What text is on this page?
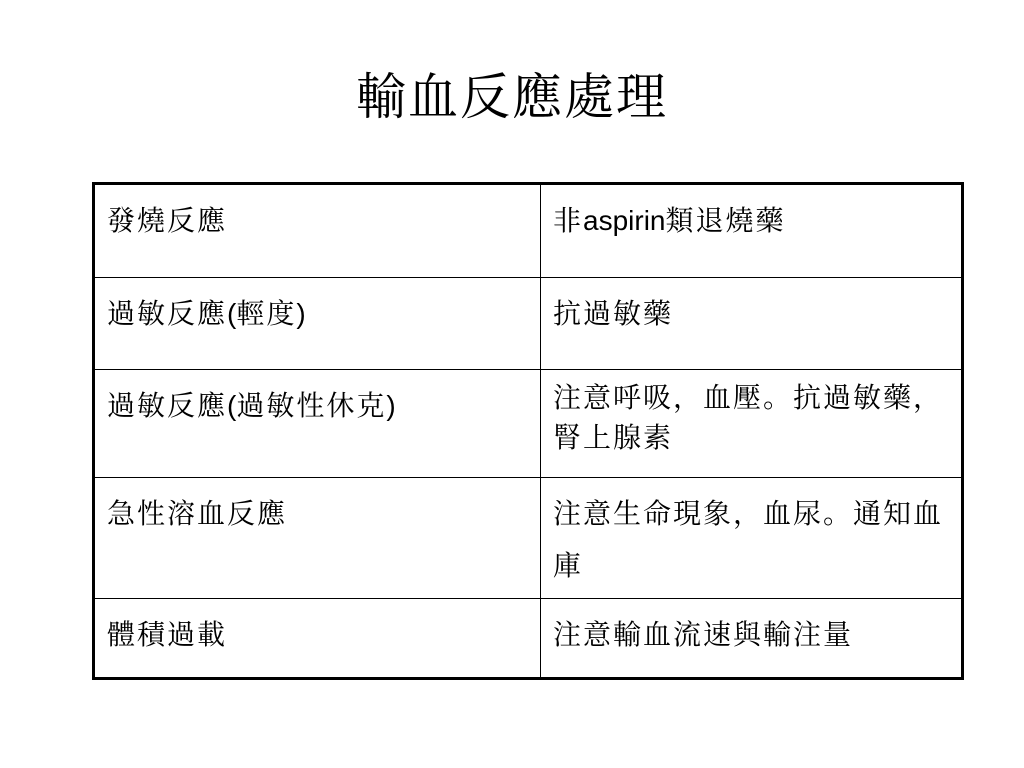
輸血反應處理
發燒反應	非aspirin類退燒藥
過敏反應(輕度)	抗過敏藥
過敏反應(過敏性休克)	注意呼吸，血壓。抗過敏藥，腎上腺素
急性溶血反應	注意生命現象，血尿。通知血庫
體積過載	注意輸血流速與輸注量
